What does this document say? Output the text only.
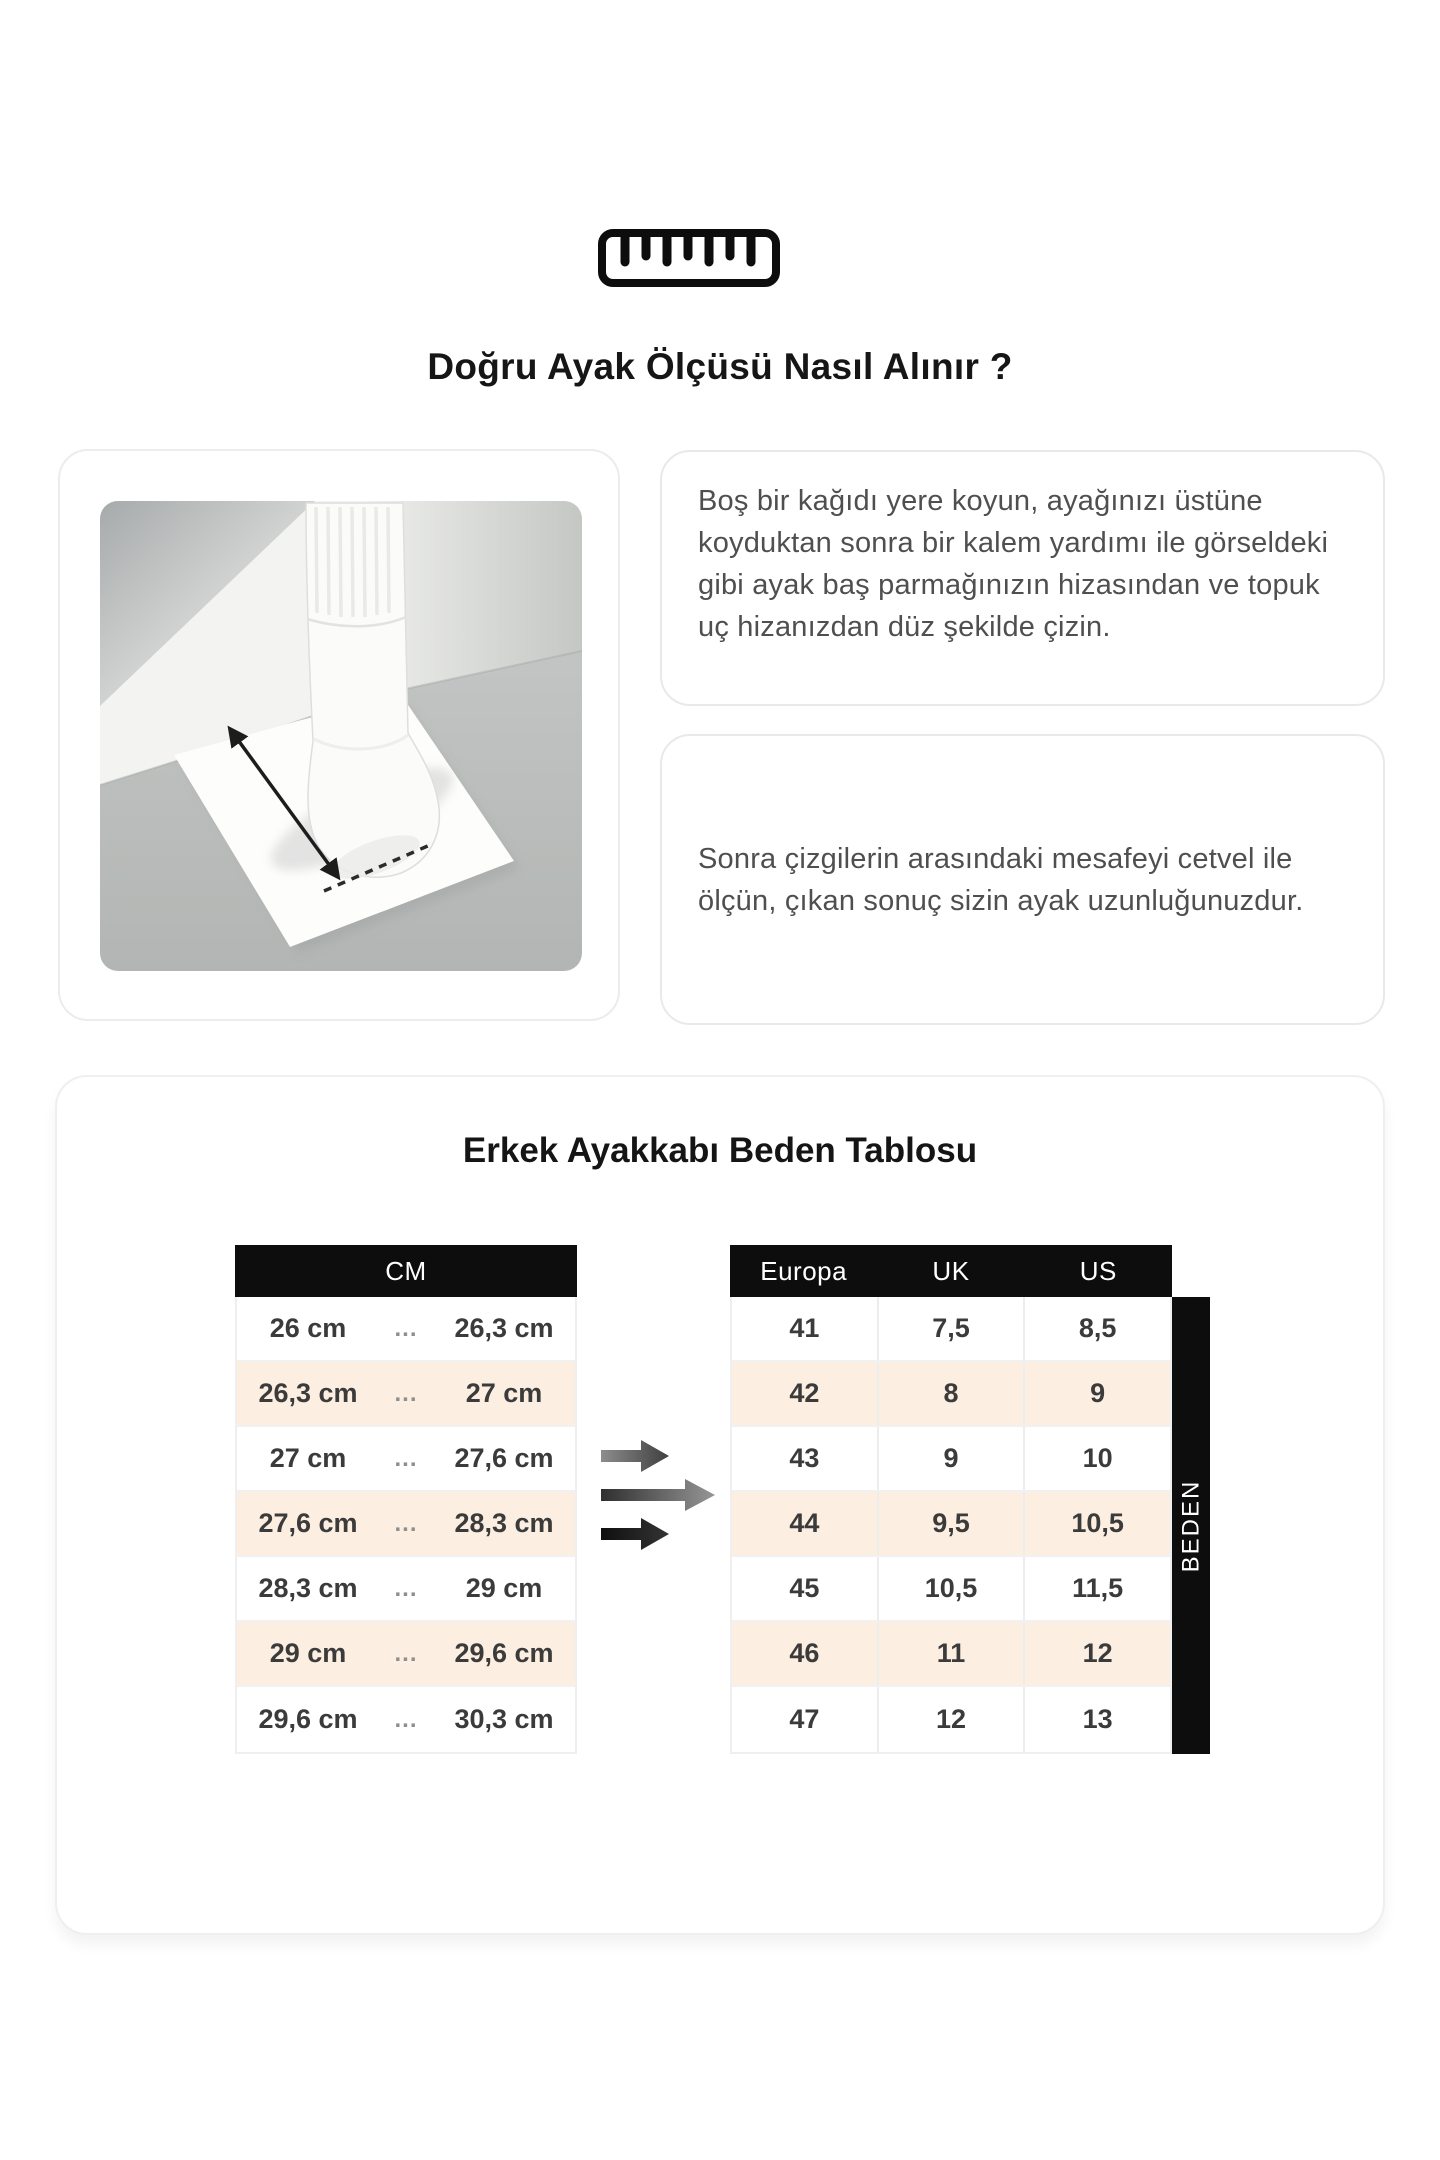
Doğru Ayak Ölçüsü Nasıl Alınır ?
Boş bir kağıdı yere koyun, ayağınızı üstüne koyduktan sonra bir kalem yardımı ile görseldeki gibi ayak baş parmağınızın hizasından ve topuk uç hizanızdan düz şekilde çizin.
Sonra çizgilerin arasındaki mesafeyi cetvel ile ölçün, çıkan sonuç sizin ayak uzunluğunuzdur.
Erkek Ayakkabı Beden Tablosu
CM
26 cm	...	26,3 cm
26,3 cm	...	27 cm
27 cm	...	27,6 cm
27,6 cm	...	28,3 cm
28,3 cm	...	29 cm
29 cm	...	29,6 cm
29,6 cm	...	30,3 cm
Europa	UK	US
41	7,5	8,5
42	8	9
43	9	10
44	9,5	10,5
45	10,5	11,5
46	11	12
47	12	13
BEDEN
